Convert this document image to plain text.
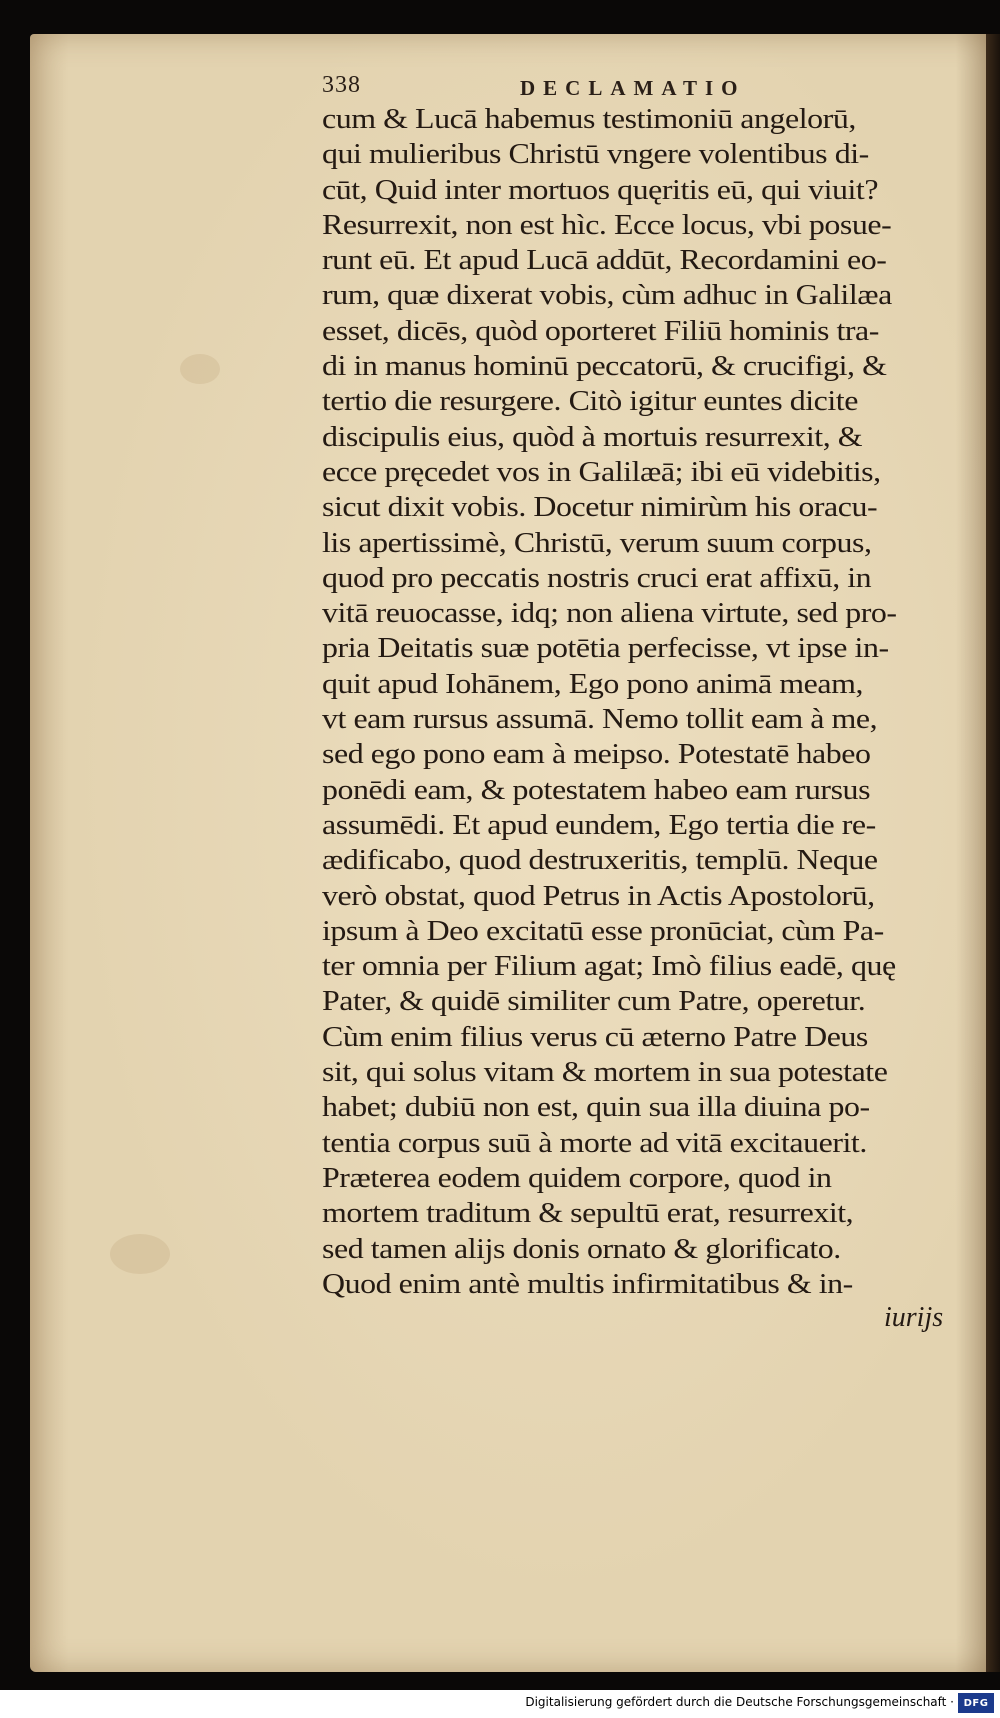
338	DECLAMATIO
cum & Lucā habemus testimoniū angelorū,
qui mulieribus Christū vngere volentibus di-
cūt, Quid inter mortuos quęritis eū, qui viuit?
Resurrexit, non est hìc. Ecce locus, vbi posue-
runt eū. Et apud Lucā addūt, Recordamini eo-
rum, quæ dixerat vobis, cùm adhuc in Galilæa
esset, dicēs, quòd oporteret Filiū hominis tra-
di in manus hominū peccatorū, & crucifigi, &
tertio die resurgere. Citò igitur euntes dicite
discipulis eius, quòd à mortuis resurrexit, &
ecce pręcedet vos in Galilæā; ibi eū videbitis,
sicut dixit vobis. Docetur nimirùm his oracu-
lis apertissimè, Christū, verum suum corpus,
quod pro peccatis nostris cruci erat affixū, in
vitā reuocasse, idq; non aliena virtute, sed pro-
pria Deitatis suæ potētia perfecisse, vt ipse in-
quit apud Iohānem, Ego pono animā meam,
vt eam rursus assumā. Nemo tollit eam à me,
sed ego pono eam à meipso. Potestatē habeo
ponēdi eam, & potestatem habeo eam rursus
assumēdi. Et apud eundem, Ego tertia die re-
ædificabo, quod destruxeritis, templū. Neque
verò obstat, quod Petrus in Actis Apostolorū,
ipsum à Deo excitatū esse pronūciat, cùm Pa-
ter omnia per Filium agat; Imò filius eadē, quę
Pater, & quidē similiter cum Patre, operetur.
Cùm enim filius verus cū æterno Patre Deus
sit, qui solus vitam & mortem in sua potestate
habet; dubiū non est, quin sua illa diuina po-
tentia corpus suū à morte ad vitā excitauerit.
Præterea eodem quidem corpore, quod in
mortem traditum & sepultū erat, resurrexit,
sed tamen alijs donis ornato & glorificato.
Quod enim antè multis infirmitatibus & in-
iurijs
Digitalisierung gefördert durch die Deutsche Forschungsgemeinschaft · DFG
